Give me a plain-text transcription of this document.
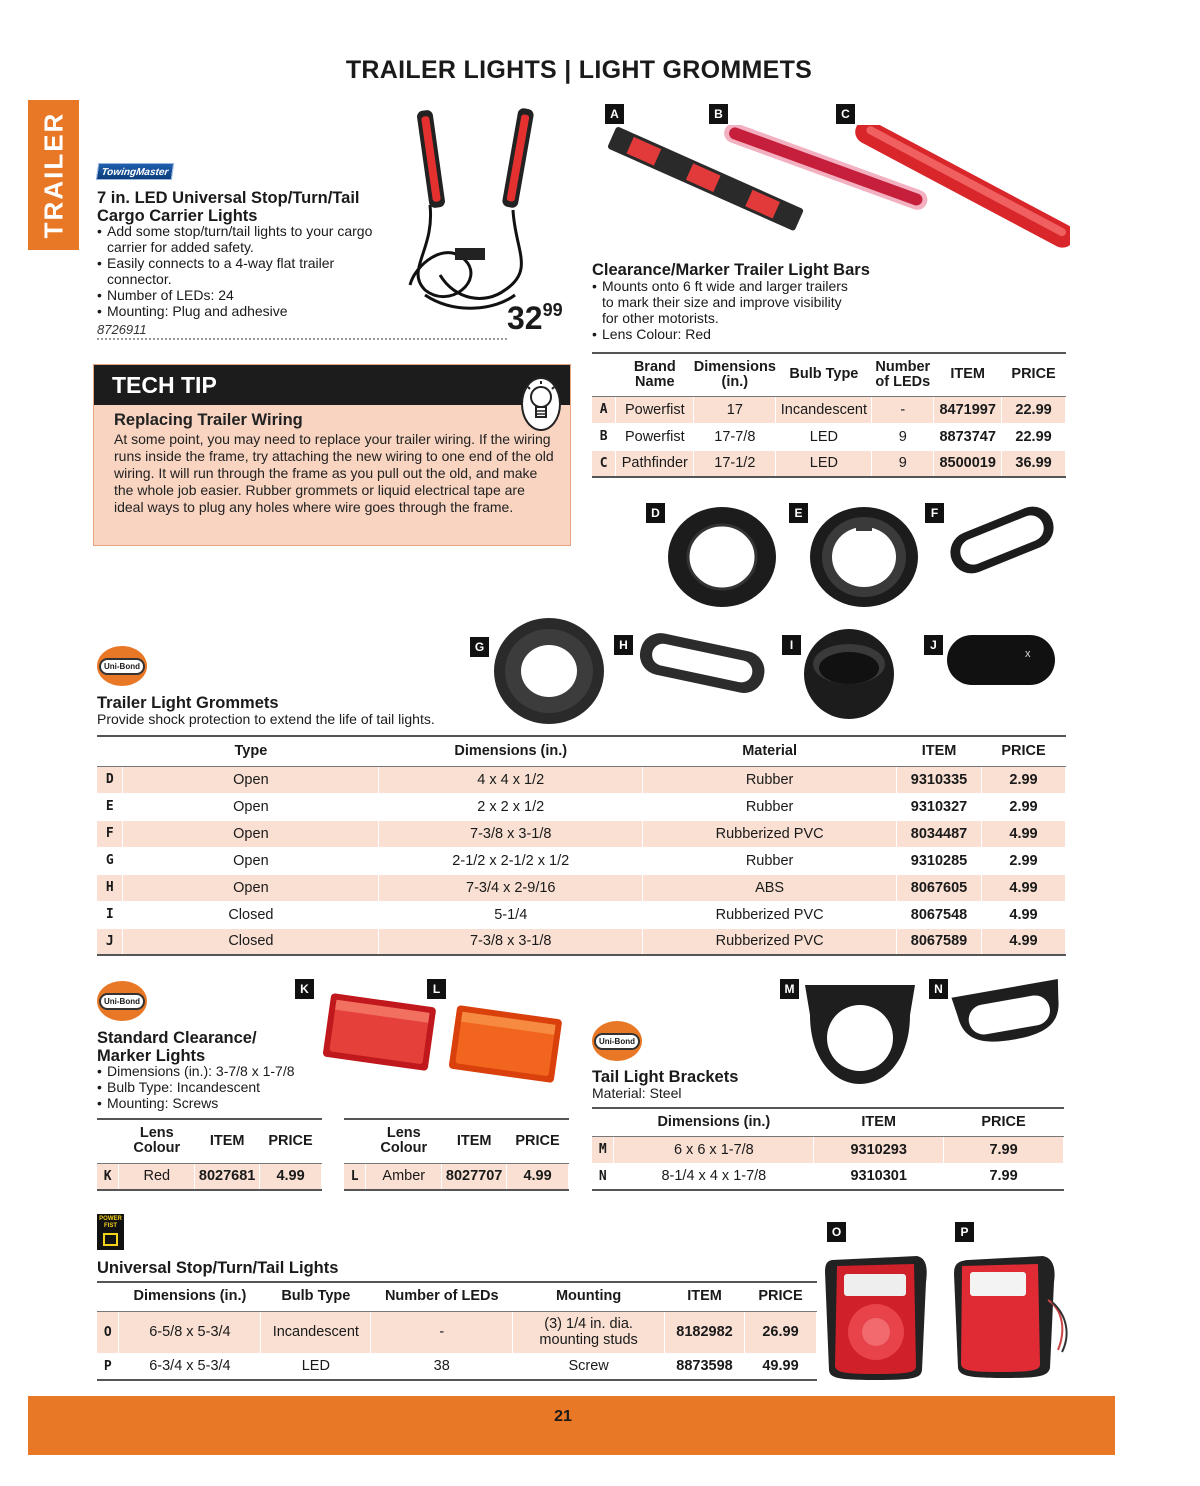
TRAILER LIGHTS | LIGHT GROMMETS
TRAILER	TowingMaster
7 in. LED Universal Stop/Turn/Tail Cargo Carrier Lights
• Add some stop/turn/tail lights to your cargo carrier for added safety.
• Easily connects to a 4-way flat trailer connector.
• Number of LEDs: 24
• Mounting: Plug and adhesive
8726911	$32^{99}$
TECH TIP
Replacing Trailer Wiring
At some point, you may need to replace your trailer wiring. If the wiring runs inside the frame, try attaching the new wiring to one end of the old wiring. It will run through the frame as you pull out the old, and make the whole job easier. Rubber grommets or liquid electrical tape are ideal ways to plug any holes where wire goes through the frame.
A	B	C
Clearance/Marker Trailer Light Bars
• Mounts onto 6 ft wide and larger trailers to mark their size and improve visibility for other motorists.
• Lens Colour: Red
	Brand Name	Dimensions (in.)	Bulb Type	Number of LEDs	ITEM	PRICE
A	Powerfist	17	Incandescent	-	8471997	22.99
B	Powerfist	17-7/8	LED	9	8873747	22.99
C	Pathfinder	17-1/2	LED	9	8500019	36.99
D	E	F
G	H	I	J
x
Uni-Bond
Trailer Light Grommets
Provide shock protection to extend the life of tail lights.
	Type	Dimensions (in.)	Material	ITEM	PRICE
D	Open	4 x 4 x 1/2	Rubber	9310335	2.99
E	Open	2 x 2 x 1/2	Rubber	9310327	2.99
F	Open	7-3/8 x 3-1/8	Rubberized PVC	8034487	4.99
G	Open	2-1/2 x 2-1/2 x 1/2	Rubber	9310285	2.99
H	Open	7-3/4 x 2-9/16	ABS	8067605	4.99
I	Closed	5-1/4	Rubberized PVC	8067548	4.99
J	Closed	7-3/8 x 3-1/8	Rubberized PVC	8067589	4.99
Uni-Bond
Standard Clearance/ Marker Lights
• Dimensions (in.): 3-7/8 x 1-7/8
• Bulb Type: Incandescent
• Mounting: Screws
K	L
	Lens Colour	ITEM	PRICE
K	Red	8027681	4.99
	Lens Colour	ITEM	PRICE
L	Amber	8027707	4.99
M	N
Uni-Bond
Tail Light Brackets
Material: Steel
	Dimensions (in.)	ITEM	PRICE
M	6 x 6 x 1-7/8	9310293	7.99
N	8-1/4 x 4 x 1-7/8	9310301	7.99
POWER FIST
Universal Stop/Turn/Tail Lights
	Dimensions (in.)	Bulb Type	Number of LEDs	Mounting	ITEM	PRICE
O	6-5/8 x 5-3/4	Incandescent	-	(3) 1/4 in. dia. mounting studs	8182982	26.99
P	6-3/4 x 5-3/4	LED	38	Screw	8873598	49.99
O	P
21
